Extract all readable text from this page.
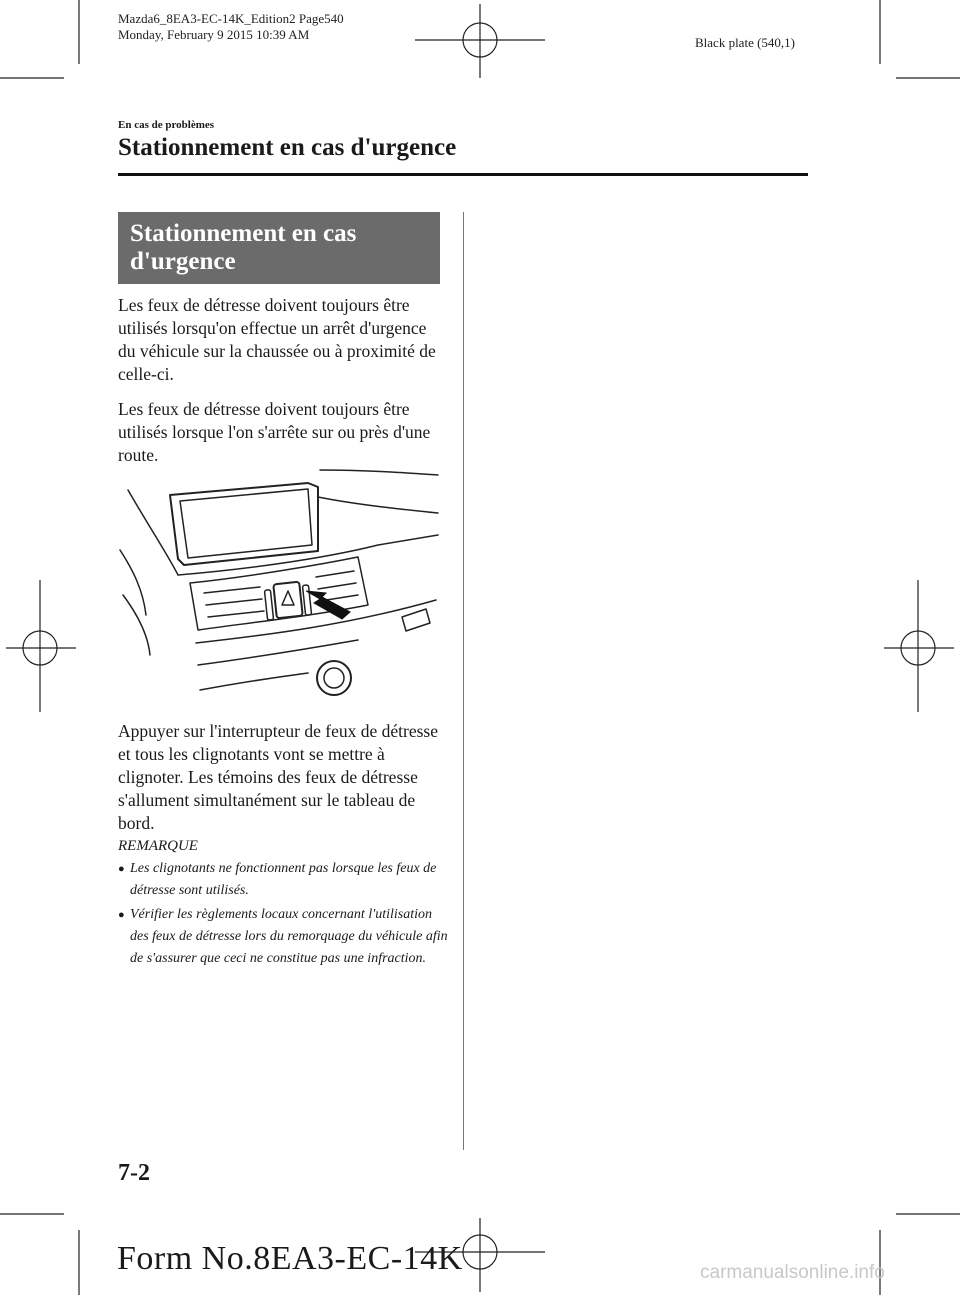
Mazda6_8EA3-EC-14K_Edition2 Page540
Monday, February 9 2015 10:39 AM
Black plate (540,1)
En cas de problèmes
Stationnement en cas d'urgence
Stationnement en cas
d'urgence

Les feux de détresse doivent toujours être utilisés lorsqu'on effectue un arrêt d'urgence du véhicule sur la chaussée ou à proximité de celle-ci.

Les feux de détresse doivent toujours être utilisés lorsque l'on s'arrête sur ou près d'une route.

Appuyer sur l'interrupteur de feux de détresse et tous les clignotants vont se mettre à clignoter. Les témoins des feux de détresse s'allument simultanément sur le tableau de bord.

REMARQUE
● Les clignotants ne fonctionnent pas lorsque les feux de détresse sont utilisés.
● Vérifier les règlements locaux concernant l'utilisation des feux de détresse lors du remorquage du véhicule afin de s'assurer que ceci ne constitue pas une infraction.
7-2
Form No.8EA3-EC-14K	carmanualsonline.info
